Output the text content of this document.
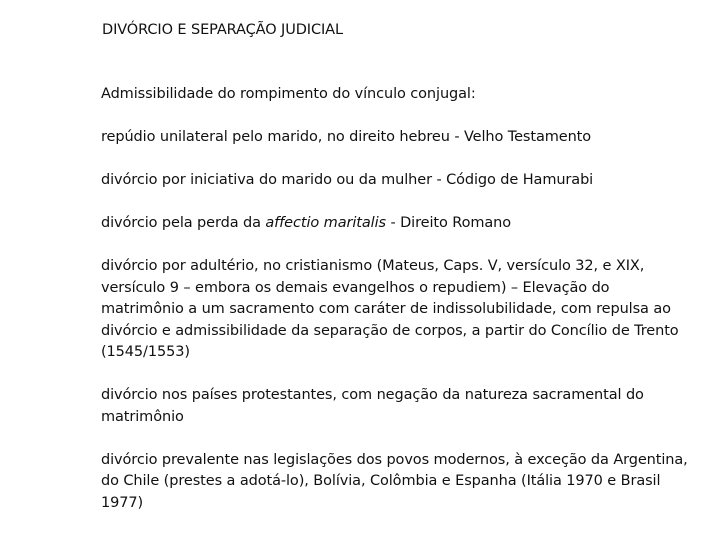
DIVÓRCIO E SEPARAÇÃO JUDICIAL

Admissibilidade do rompimento do vínculo conjugal:

repúdio unilateral pelo marido, no direito hebreu - Velho Testamento

divórcio por iniciativa do marido ou da mulher - Código de Hamurabi

divórcio pela perda da affectio maritalis - Direito Romano

divórcio por adultério, no cristianismo (Mateus, Caps. V, versículo 32, e XIX, versículo 9 – embora os demais evangelhos o repudiem) – Elevação do matrimônio a um sacramento com caráter de indissolubilidade, com repulsa ao divórcio e admissibilidade da separação de corpos, a partir do Concílio de Trento (1545/1553)

divórcio nos países protestantes, com negação da natureza sacramental do matrimônio

divórcio prevalente nas legislações dos povos modernos, à exceção da Argentina, do Chile (prestes a adotá-lo), Bolívia, Colômbia e Espanha (Itália 1970 e Brasil 1977)
